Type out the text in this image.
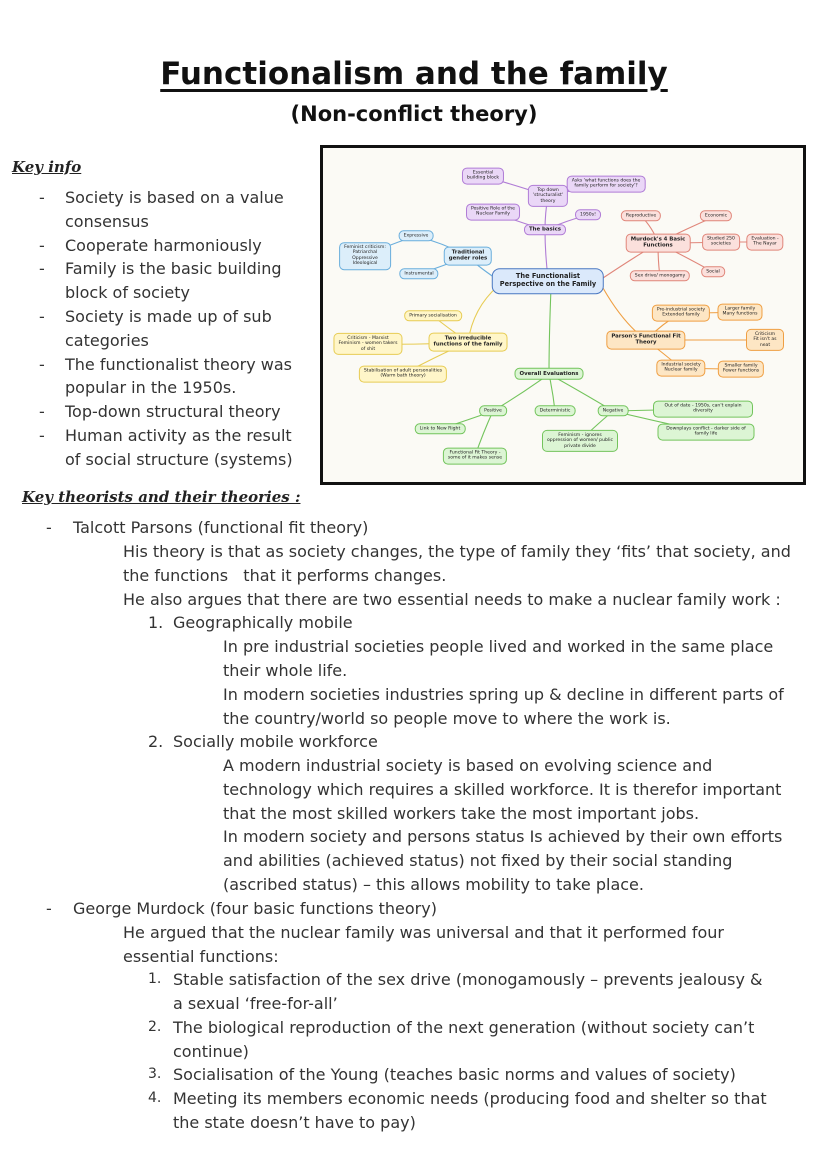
Functionalism and the family
(Non-conflict theory)
Key info
- Society is based on a value consensus
- Cooperate harmoniously
- Family is the basic building block of society
- Society is made up of sub categories
- The functionalist theory was popular in the 1950s.
- Top-down structural theory
- Human activity as the result of social structure (systems)
The Functionalist
Perspective on the Family
The basics
Top down
'structuralist'
theory
Essential
building block
Asks 'what functions does the
family perform for society'?
Positive Role of the
Nuclear Family	1950s!
Murdock's 4 Basic
Functions
Reproductive	Economic
Studied 250
societies
Evaluation -
The Nayar
Sex drive/ monogamy
Social
Traditional
gender roles
Expressive
Instrumental
Feminist criticism:
Patriarchal
Oppressive
Ideological
Two irreducible
functions of the family
Primary socialisation
Criticism - Marxist
Feminism - women takers
of shit
Stabilisation of adult personalities
(Warm bath theory)
Parson's Functional Fit
Theory
Pre-industrial society
Extended family
Larger family
Many functions
Criticism
Fit isn't as neat
Industrial society
Nuclear family
Smaller family
Fewer functions
Overall Evaluations
Positive	Deterministic	Negative
Out of date - 1950s, can't explain diversity
Downplays conflict - darker side of family life
Link to New Right
Feminism - ignores
oppression of women/ public
private divide
Functional Fit Theory -
some of it makes sense
Key theorists and their theories :
- Talcott Parsons (functional fit theory)
His theory is that as society changes, the type of family they ‘fits’ that society, and the functions   that it performs changes.
He also argues that there are two essential needs to make a nuclear family work :
1. Geographically mobile
In pre industrial societies people lived and worked in the same place their whole life.
In modern societies industries spring up & decline in different parts of the country/world so people move to where the work is.
2. Socially mobile workforce
A modern industrial society is based on evolving science and technology which requires a skilled workforce. It is therefor important that the most skilled workers take the most important jobs.
In modern society and persons status Is achieved by their own efforts and abilities (achieved status) not fixed by their social standing (ascribed status) – this allows mobility to take place.
- George Murdock (four basic functions theory)
He argued that the nuclear family was universal and that it performed four essential functions:
1. Stable satisfaction of the sex drive (monogamously – prevents jealousy & a sexual ‘free-for-all’
2. The biological reproduction of the next generation (without society can’t continue)
3. Socialisation of the Young (teaches basic norms and values of society)
4. Meeting its members economic needs (producing food and shelter so that the state doesn’t have to pay)
